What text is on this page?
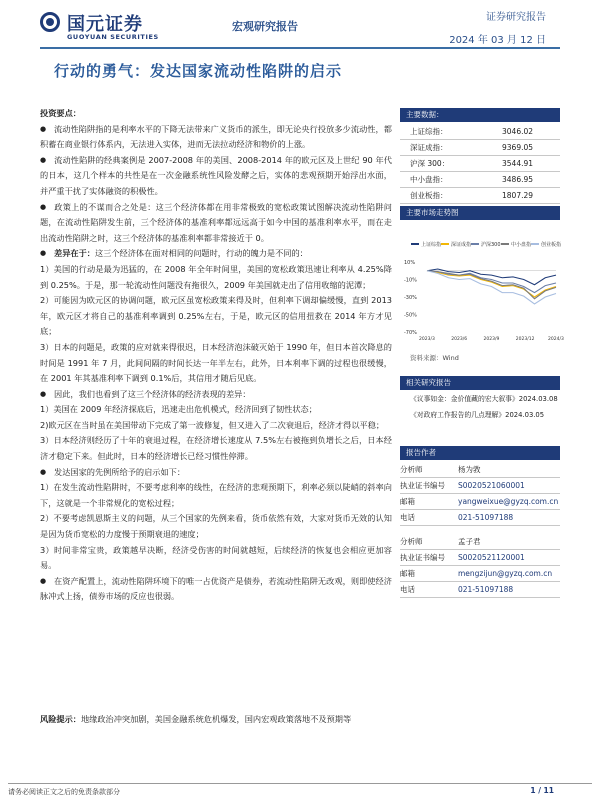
国元证券
GUOYUAN SECURITIES
宏观研究报告
证券研究报告
2024 年 03 月 12 日
行动的勇气：发达国家流动性陷阱的启示

投资要点：

● 流动性陷阱指的是利率水平的下降无法带来广义货币的派生，即无论央行投放多少流动性，都积蓄在商业银行体系内，无法进入实体，进而无法拉动经济和物价的上涨。

● 流动性陷阱的经典案例是 2007-2008 年的美国、2008-2014 年的欧元区及上世纪 90 年代的日本，这几个样本的共性是在一次金融系统性风险发酵之后，实体的悲观预期开始浮出水面，并严重干扰了实体融资的积极性。

● 政策上的不谋而合之处是：这三个经济体都在用非常极致的宽松政策试图解决流动性陷阱问题，在流动性陷阱发生前，三个经济体的基准利率都远远高于如今中国的基准利率水平，而在走出流动性陷阱之时，这三个经济体的基准利率都非常接近于 0。

● 差异在于：这三个经济体在面对相同的问题时，行动的魄力是不同的：

1）美国的行动是最为迅猛的，在 2008 年全年时间里，美国的宽松政策迅速让利率从 4.25%降到 0.25%。于是，那一轮流动性问题没有拖很久，2009 年美国就走出了信用收缩的泥潭；

2）可能因为欧元区的协调问题，欧元区虽宽松政策来得及时，但利率下调却偏缓慢，直到 2013 年，欧元区才将自己的基准利率调到 0.25%左右，于是，欧元区的信用扭救在 2014 年方才见底；

3）日本的问题是，政策的应对就来得很迟，日本经济泡沫破灭始于 1990 年，但日本首次降息的时间是 1991 年 7 月，此间间隔的时间长达一年半左右，此外，日本利率下调的过程也很缓慢，在 2001 年其基准利率下调到 0.1%后，其信用才随后见底。

● 因此，我们也看到了这三个经济体的经济表现的差异：

1）美国在 2009 年经济探底后，迅速走出危机模式，经济回到了韧性状态；

2)欧元区在当时虽在美国带动下完成了第一波修复，但又进入了二次衰退后，经济才得以平稳；

3）日本经济则经历了十年的衰退过程，在经济增长速度从 7.5%左右被拖到负增长之后，日本经济才稳定下来。但此时，日本的经济增长已经习惯性停滞。

● 发达国家的先例所给予的启示如下：

1）在发生流动性陷阱时，不要考虑利率的线性，在经济的悲观预期下，利率必须以陡峭的斜率向下，这就是一个非常规化的宽松过程；

2）不要考虑凯恩斯主义的问题，从三个国家的先例来看，货币依然有效，大家对货币无效的认知是因为货币宽松的力度慢于预期衰退的速度；

3）时间非常宝贵，政策越早决断，经济受伤害的时间就越短，后续经济的恢复也会相应更加容易。

● 在资产配置上，流动性陷阱环境下的唯一占优资产是债券，若流动性陷阱无改观，则即使经济脉冲式上扬，债券市场的反应也很弱。

风险提示：地缘政治冲突加剧，美国金融系统危机爆发，国内宏观政策落地不及预期等
主要数据：
上证综指：	3046.02
深证成指：	9369.05
沪深 300：	3544.91
中小盘指：	3486.95
创业板指：	1807.29
主要市场走势图
上证综指 深证成指 沪深300 中小盘指 创业板指
10%
-10%
-30%
-50%
-70%
2023/3	2023/6	2023/9	2023/12	2024/3
资料来源：Wind
相关研究报告
《议事如金：金价值藏的宏大叙事》2024.03.08
《对政府工作报告的几点理解》2024.03.05
报告作者
分析师	杨为敩
执业证书编号 S0020521060001
邮箱	yangweixue@gyzq.com.cn
电话	021-51097188
分析师	孟子君
执业证书编号 S0020521120001
邮箱	mengzijun@gyzq.com.cn
电话	021-51097188
请务必阅读正文之后的免责条款部分	1 / 11
